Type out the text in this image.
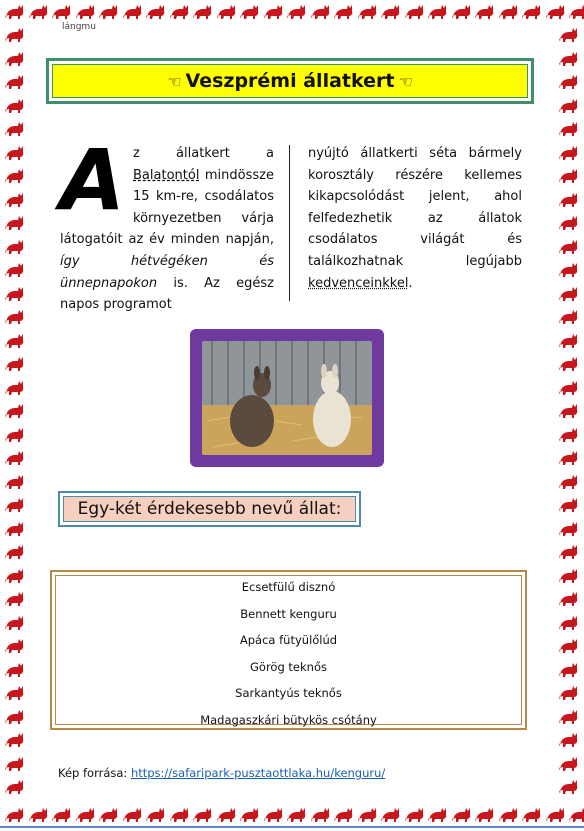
lángmu
☜ Veszprémi állatkert ☜
Az állatkert a Balatontól mindössze 15 km-re, csodálatos környezetben várja látogatóit az év minden napján, így hétvégéken és ünnepnapokon is. Az egész napos programot
nyújtó állatkerti séta bármely korosztály részére kellemes kikapcsolódást jelent, ahol felfedezhetik az állatok csodálatos világát és találkozhatnak legújabb kedvenceinkkel.
Egy-két érdekesebb nevű állat:
Ecsetfülű disznó
Bennett kenguru
Apáca fütyülőlúd
Görög teknős
Sarkantyús teknős
Madagaszkári bütykös csótány
Kép forrása: https://safaripark-pusztaottlaka.hu/kenguru/
